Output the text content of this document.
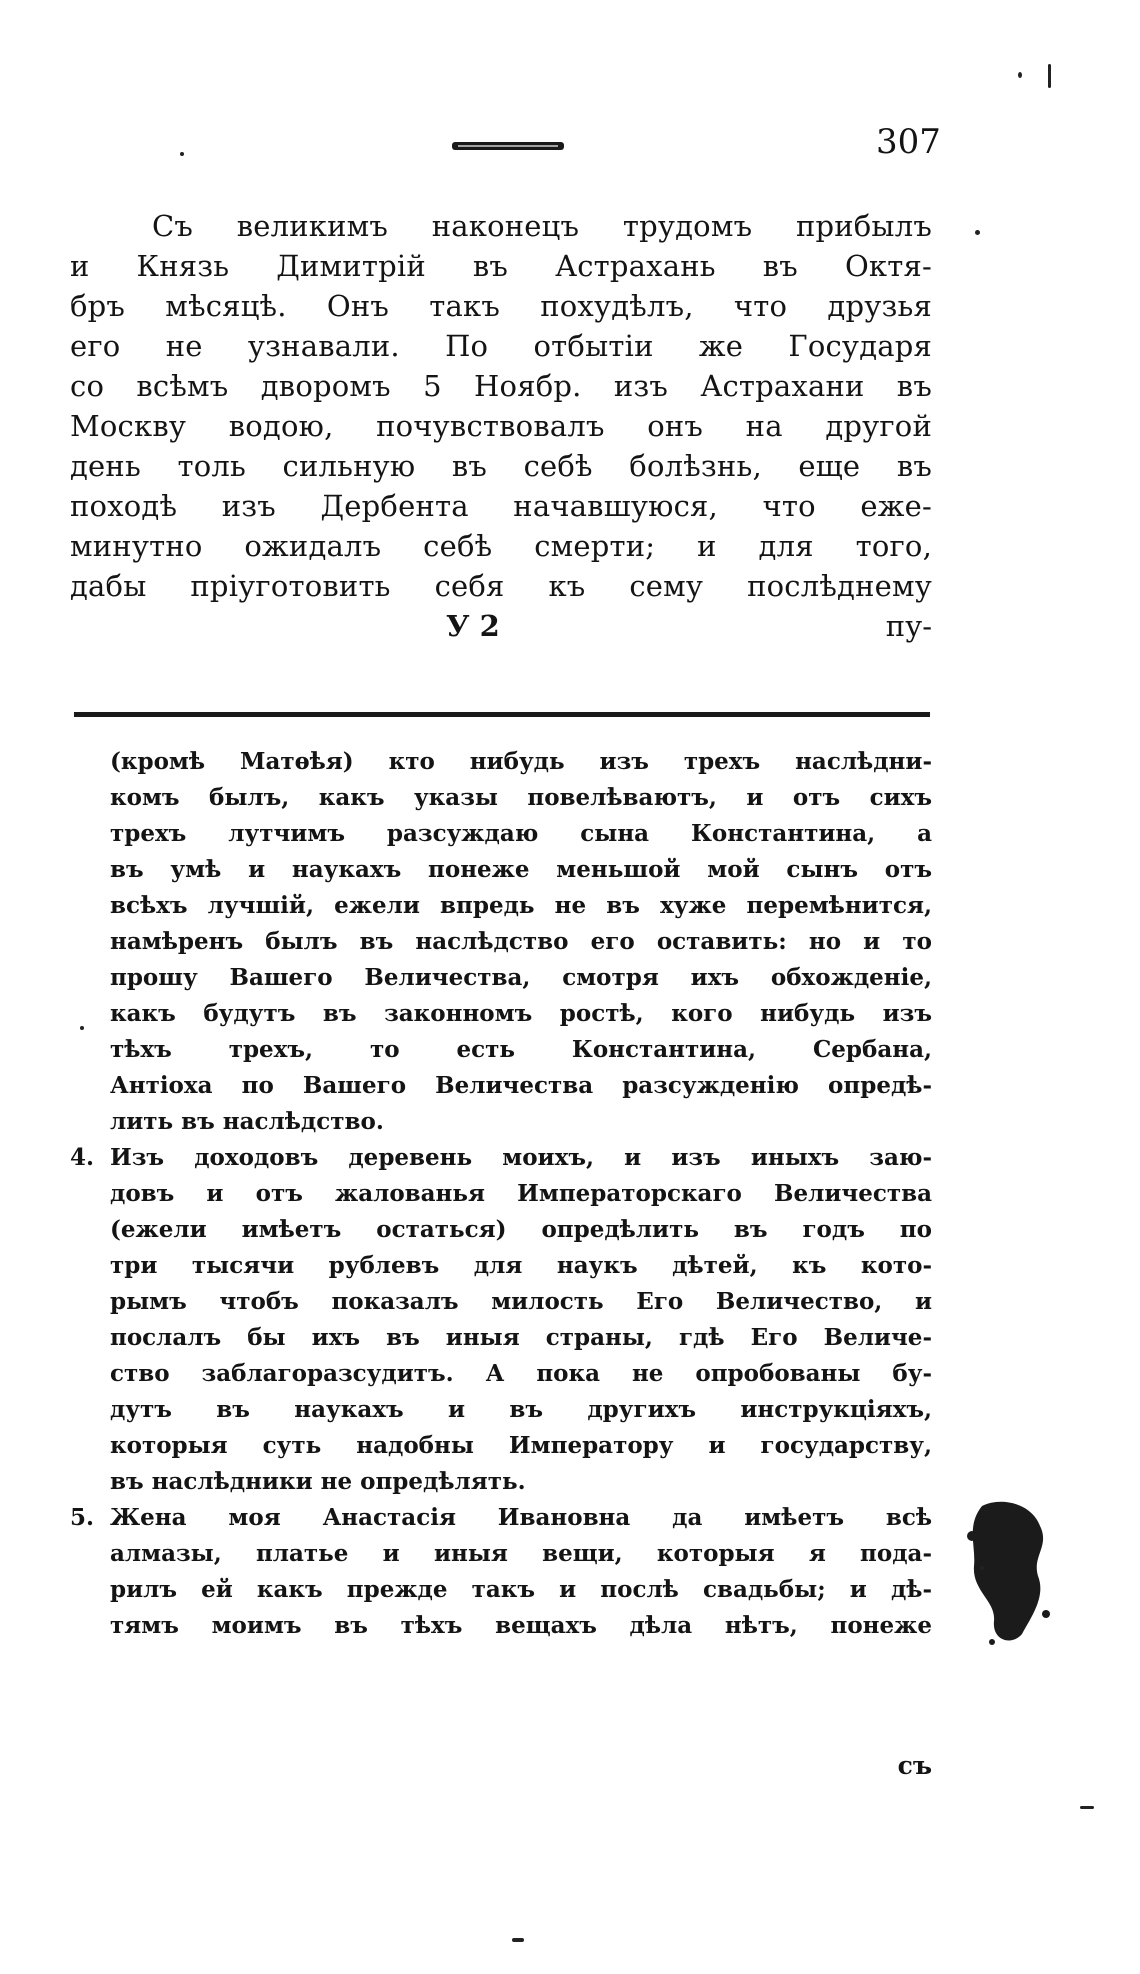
307
Съ великимъ наконецъ трудомъ прибылъ
и Князь Димитрій въ Астрахань въ Октя-
бръ мѣсяцѣ. Онъ такъ похудѣлъ, что друзья
его не узнавали. По отбытіи же Государя
со всѣмъ дворомъ 5 Ноябр. изъ Астрахани въ
Москву водою, почувствовалъ онъ на другой
день толь сильную въ себѣ болѣзнь, еще въ
походѣ изъ Дербента начавшуюся, что еже-
минутно ожидалъ себѣ смерти; и для того,
дабы пріуготовить себя къ сему послѣднему
У 2	пу-
(кромѣ Матѳѣя) кто нибудь изъ трехъ наслѣдни-
комъ былъ, какъ указы повелѣваютъ, и отъ сихъ
трехъ лутчимъ разсуждаю сына Константина, а
въ умѣ и наукахъ понеже меньшой мой сынъ отъ
всѣхъ лучшій, ежели впредь не въ хуже перемѣнится,
намѣренъ былъ въ наслѣдство его оставить: но и то
прошу Вашего Величества, смотря ихъ обхожденіе,
какъ будутъ въ законномъ ростѣ, кого нибудь изъ
тѣхъ трехъ, то есть Константина, Сербана,
Антіоха по Вашего Величества разсужденію опредѣ-
лить въ наслѣдство.
4. Изъ доходовъ деревень моихъ, и изъ иныхъ заю-
довъ и отъ жалованья Императорскаго Величества
(ежели имѣетъ остаться) опредѣлить въ годъ по
три тысячи рублевъ для наукъ дѣтей, къ кото-
рымъ чтобъ показалъ милость Его Величество, и
послалъ бы ихъ въ иныя страны, гдѣ Его Величе-
ство заблагоразсудитъ. А пока не опробованы бу-
дутъ въ наукахъ и въ другихъ инструкціяхъ,
которыя суть надобны Императору и государству,
въ наслѣдники не опредѣлять.
5. Жена моя Анастасія Ивановна да имѣетъ всѣ
алмазы, платье и иныя вещи, которыя я пода-
рилъ ей какъ прежде такъ и послѣ свадьбы; и дѣ-
тямъ моимъ въ тѣхъ вещахъ дѣла нѣтъ, понеже
съ
